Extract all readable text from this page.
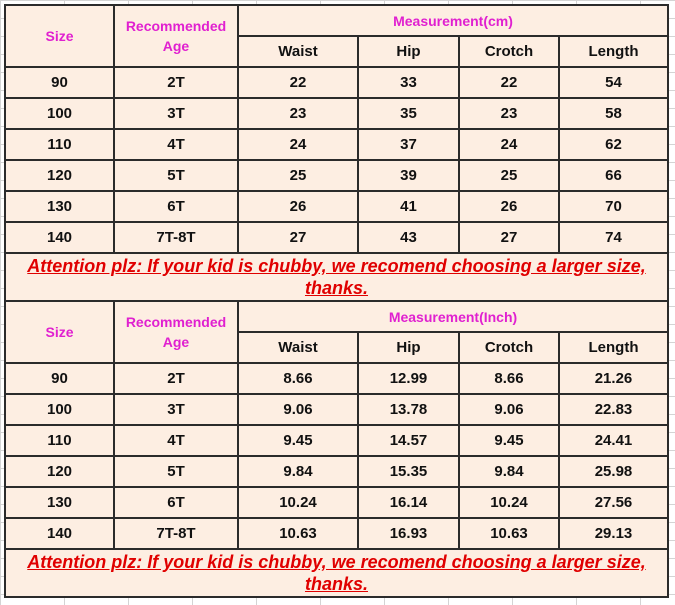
Size	Recommended Age	Measurement(cm)			
		Waist	Hip	Crotch	Length
90	2T	22	33	22	54
100	3T	23	35	23	58
110	4T	24	37	24	62
120	5T	25	39	25	66
130	6T	26	41	26	70
140	7T-8T	27	43	27	74
Attention plz: If your kid is chubby, we recomend choosing a larger size, thanks.					
Size	Recommended Age	Measurement(Inch)			
		Waist	Hip	Crotch	Length
90	2T	8.66	12.99	8.66	21.26
100	3T	9.06	13.78	9.06	22.83
110	4T	9.45	14.57	9.45	24.41
120	5T	9.84	15.35	9.84	25.98
130	6T	10.24	16.14	10.24	27.56
140	7T-8T	10.63	16.93	10.63	29.13
Attention plz: If your kid is chubby, we recomend choosing a larger size, thanks.					
